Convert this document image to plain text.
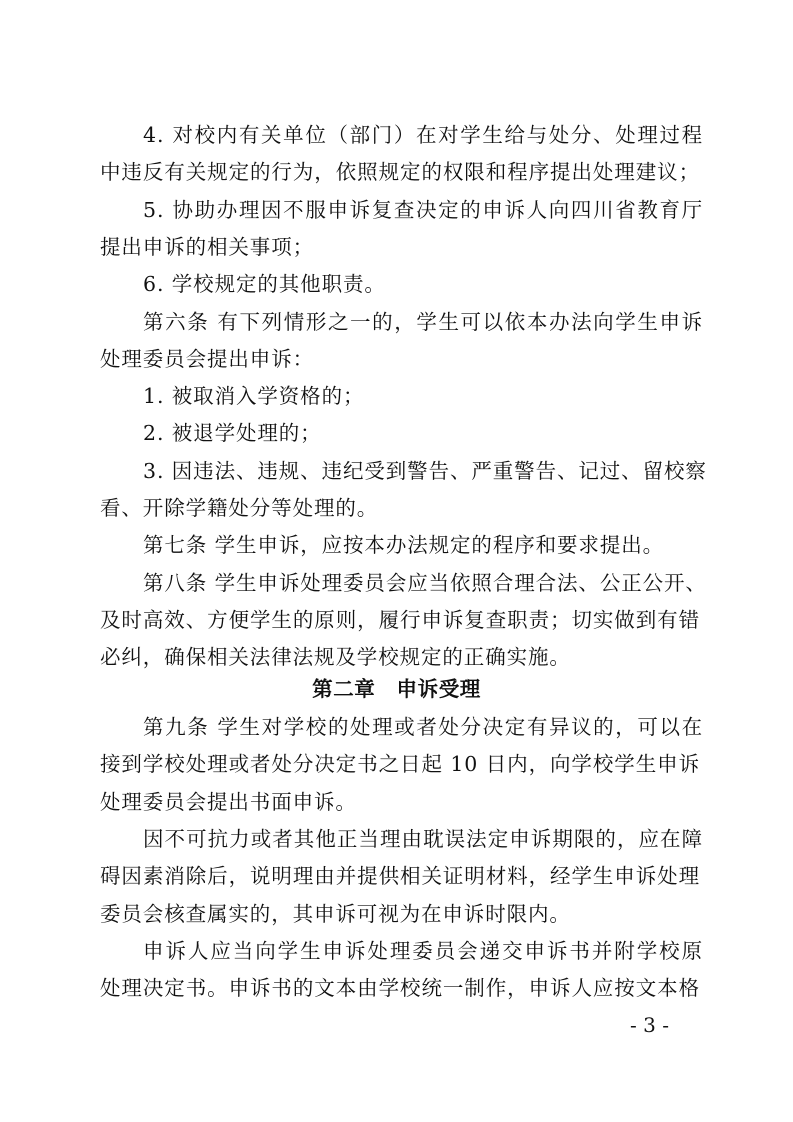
4. 对校内有关单位（部门）在对学生给与处分、处理过程
中违反有关规定的行为，依照规定的权限和程序提出处理建议；
5. 协助办理因不服申诉复查决定的申诉人向四川省教育厅
提出申诉的相关事项；
6. 学校规定的其他职责。
第六条 有下列情形之一的，学生可以依本办法向学生申诉
处理委员会提出申诉：
1. 被取消入学资格的；
2. 被退学处理的；
3. 因违法、违规、违纪受到警告、严重警告、记过、留校察
看、开除学籍处分等处理的。
第七条 学生申诉，应按本办法规定的程序和要求提出。
第八条 学生申诉处理委员会应当依照合理合法、公正公开、
及时高效、方便学生的原则，履行申诉复查职责；切实做到有错
必纠，确保相关法律法规及学校规定的正确实施。
第二章　申诉受理
第九条 学生对学校的处理或者处分决定有异议的，可以在
接到学校处理或者处分决定书之日起 10 日内，向学校学生申诉
处理委员会提出书面申诉。
因不可抗力或者其他正当理由耽误法定申诉期限的，应在障
碍因素消除后，说明理由并提供相关证明材料，经学生申诉处理
委员会核查属实的，其申诉可视为在申诉时限内。
申诉人应当向学生申诉处理委员会递交申诉书并附学校原
处理决定书。申诉书的文本由学校统一制作，申诉人应按文本格
- 3 -
